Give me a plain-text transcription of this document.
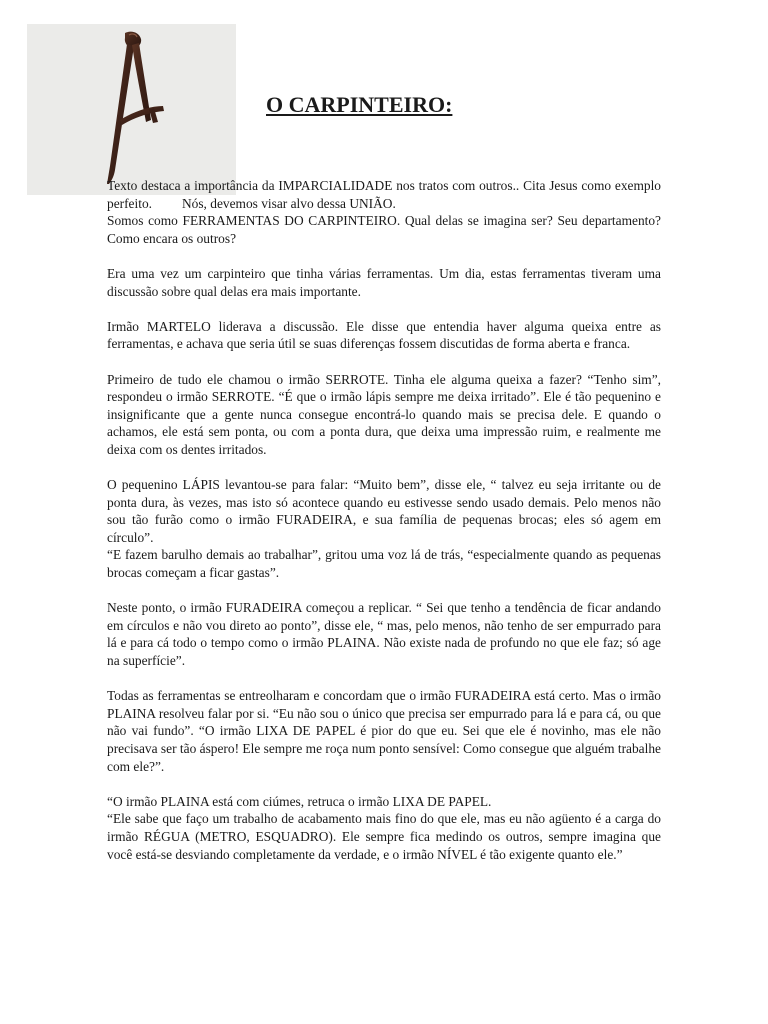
O CARPINTEIRO:

Texto destaca a importância da IMPARCIALIDADE nos tratos com outros.. Cita Jesus como exemplo perfeito. Nós, devemos visar alvo dessa UNIÃO.

Somos como FERRAMENTAS DO CARPINTEIRO. Qual delas se imagina ser? Seu departamento? Como encara os outros?

Era uma vez um carpinteiro que tinha várias ferramentas. Um dia, estas ferramentas tiveram uma discussão sobre qual delas era mais importante.

Irmão MARTELO liderava a discussão. Ele disse que entendia haver alguma queixa entre as ferramentas, e achava que seria útil se suas diferenças fossem discutidas de forma aberta e franca.

Primeiro de tudo ele chamou o irmão SERROTE. Tinha ele alguma queixa a fazer? “Tenho sim”, respondeu o irmão SERROTE. “É que o irmão lápis sempre me deixa irritado”. Ele é tão pequenino e insignificante que a gente nunca consegue encontrá-lo quando mais se precisa dele. E quando o achamos, ele está sem ponta, ou com a ponta dura, que deixa uma impressão ruim, e realmente me deixa com os dentes irritados.

O pequenino LÁPIS levantou-se para falar: “Muito bem”, disse ele, “ talvez eu seja irritante ou de ponta dura, às vezes, mas isto só acontece quando eu estivesse sendo usado demais. Pelo menos não sou tão furão como o irmão FURADEIRA, e sua família de pequenas brocas; eles só agem em círculo”.

“E fazem barulho demais ao trabalhar”, gritou uma voz lá de trás, “especialmente quando as pequenas brocas começam a ficar gastas”.

Neste ponto, o irmão FURADEIRA começou a replicar. “ Sei que tenho a tendência de ficar andando em círculos e não vou direto ao ponto”, disse ele, “ mas, pelo menos, não tenho de ser empurrado para lá e para cá todo o tempo como o irmão PLAINA. Não existe nada de profundo no que ele faz; só age na superfície”.

Todas as ferramentas se entreolharam e concordam que o irmão FURADEIRA está certo. Mas o irmão PLAINA resolveu falar por si. “Eu não sou o único que precisa ser empurrado para lá e para cá, ou que não vai fundo”. “O irmão LIXA DE PAPEL é pior do que eu. Sei que ele é novinho, mas ele não precisava ser tão áspero! Ele sempre me roça num ponto sensível: Como consegue que alguém trabalhe com ele?”.

“O irmão PLAINA está com ciúmes, retruca o irmão LIXA DE PAPEL.

“Ele sabe que faço um trabalho de acabamento mais fino do que ele, mas eu não agüento é a carga do irmão RÉGUA (METRO, ESQUADRO). Ele sempre fica medindo os outros, sempre imagina que você está-se desviando completamente da verdade, e o irmão NÍVEL é tão exigente quanto ele.”
